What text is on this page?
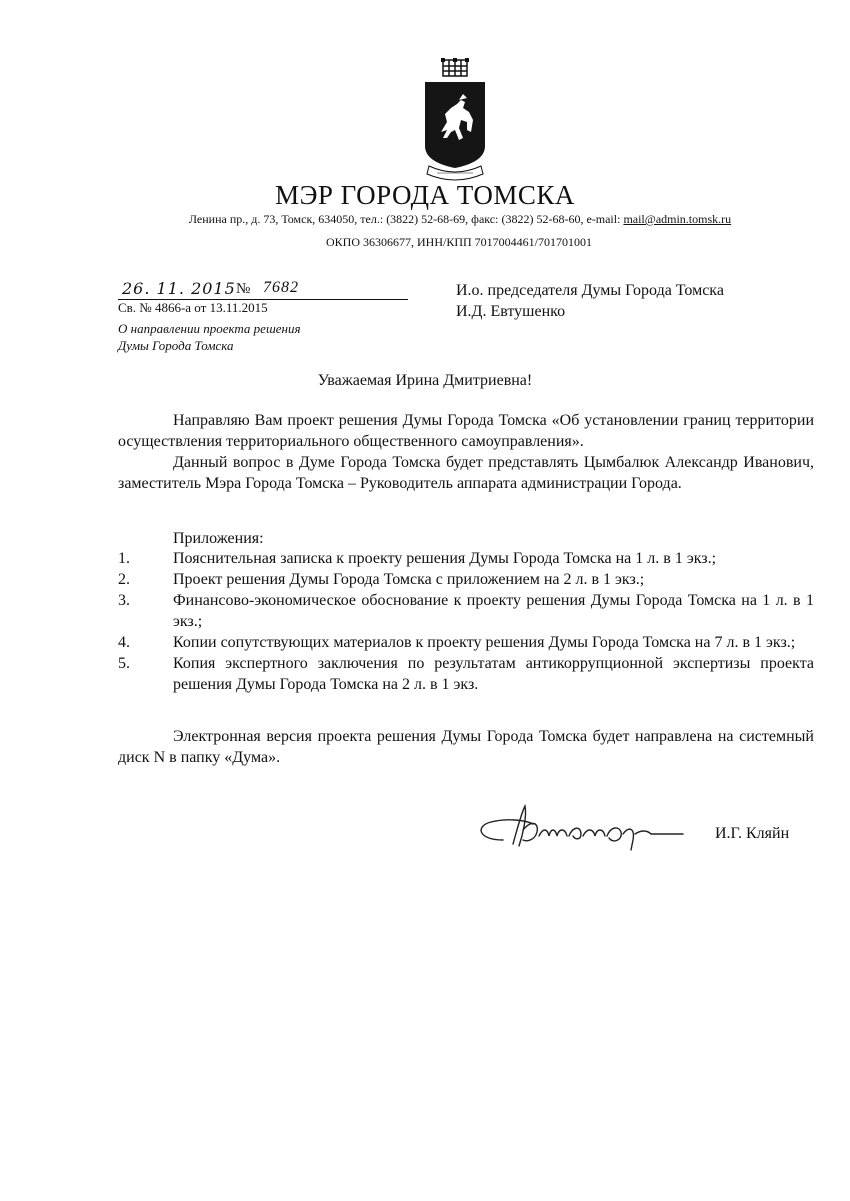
МЭР ГОРОДА ТОМСКА
Ленина пр., д. 73, Томск, 634050, тел.: (3822) 52-68-69, факс: (3822) 52-68-60, e-mail: mail@admin.tomsk.ru
ОКПО 36306677, ИНН/КПП 7017004461/701701001
26. 11. 2015 № 7682
Св. № 4866-а от 13.11.2015
О направлении проекта решения
Думы Города Томска
И.о. председателя Думы Города Томска
И.Д. Евтушенко
Уважаемая Ирина Дмитриевна!

Направляю Вам проект решения Думы Города Томска «Об установлении границ территории осуществления территориального общественного самоуправления».

Данный вопрос в Думе Города Томска будет представлять Цымбалюк Александр Иванович, заместитель Мэра Города Томска – Руководитель аппарата администрации Города.

Приложения:
1.	Пояснительная записка к проекту решения Думы Города Томска на 1 л. в 1 экз.;
2.	Проект решения Думы Города Томска с приложением на 2 л. в 1 экз.;
3.	Финансово-экономическое обоснование к проекту решения Думы Города Томска на 1 л. в 1 экз.;
4.	Копии сопутствующих материалов к проекту решения Думы Города Томска на 7 л. в 1 экз.;
5.	Копия экспертного заключения по результатам антикоррупционной экспертизы проекта решения Думы Города Томска на 2 л. в 1 экз.

Электронная версия проекта решения Думы Города Томска будет направлена на системный диск N в папку «Дума».

И.Г. Кляйн
